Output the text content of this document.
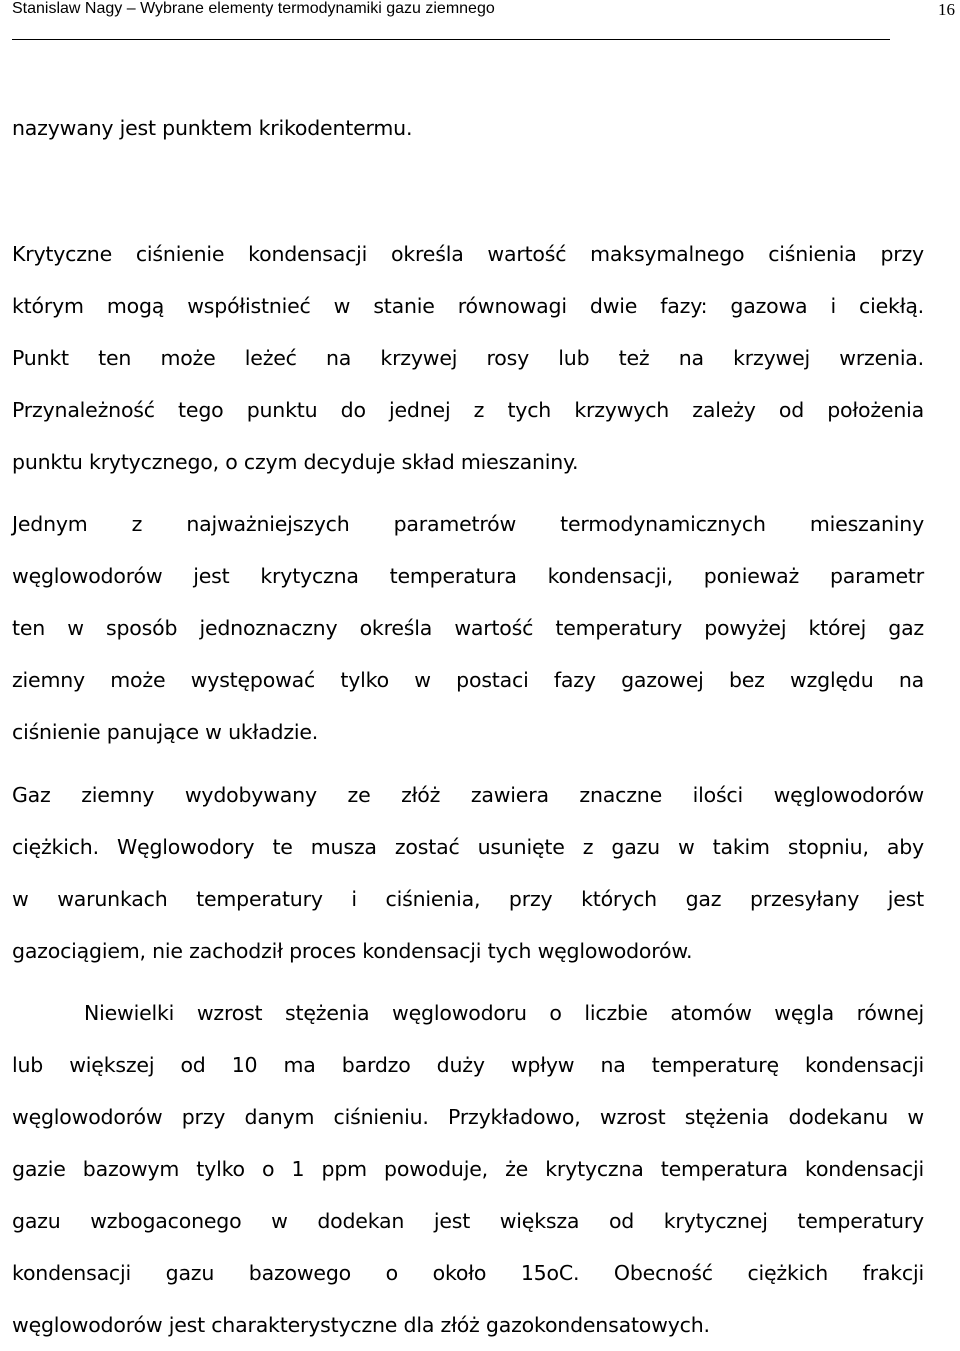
Stanislaw Nagy – Wybrane elementy termodynamiki gazu ziemnego	16
nazywany jest punktem krikodentermu.
Krytyczne ciśnienie kondensacji określa wartość maksymalnego ciśnienia przy
którym mogą współistnieć w stanie równowagi dwie fazy: gazowa i ciekłą.
Punkt ten może leżeć na krzywej rosy lub też na krzywej wrzenia.
Przynależność tego punktu do jednej z tych krzywych zależy od położenia
punktu krytycznego, o czym decyduje skład mieszaniny.
Jednym z najważniejszych parametrów termodynamicznych mieszaniny
węglowodorów jest krytyczna temperatura kondensacji, ponieważ parametr
ten w sposób jednoznaczny określa wartość temperatury powyżej której gaz
ziemny może występować tylko w postaci fazy gazowej bez względu na
ciśnienie panujące w układzie.
Gaz ziemny wydobywany ze złóż zawiera znaczne ilości węglowodorów
ciężkich. Węglowodory te musza zostać usunięte z gazu w takim stopniu, aby
w warunkach temperatury i ciśnienia, przy których gaz przesyłany jest
gazociągiem, nie zachodził proces kondensacji tych węglowodorów.
Niewielki wzrost stężenia węglowodoru o liczbie atomów węgla równej
lub większej od 10 ma bardzo duży wpływ na temperaturę kondensacji
węglowodorów przy danym ciśnieniu. Przykładowo, wzrost stężenia dodekanu w
gazie bazowym tylko o 1 ppm powoduje, że krytyczna temperatura kondensacji
gazu wzbogaconego w dodekan jest większa od krytycznej temperatury
kondensacji gazu bazowego o około 15oC. Obecność ciężkich frakcji
węglowodorów jest charakterystyczne dla złóż gazokondensatowych.
